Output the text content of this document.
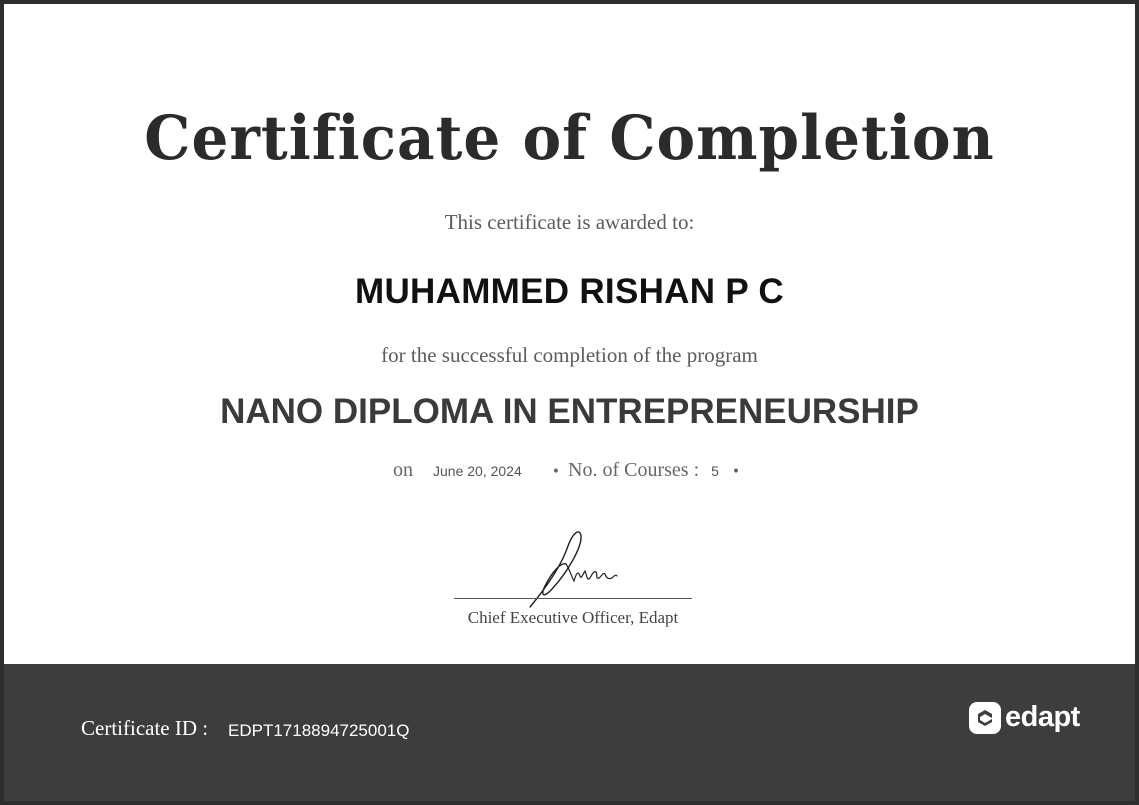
Certificate of Completion
This certificate is awarded to:
MUHAMMED RISHAN P C
for the successful completion of the program
NANO DIPLOMA IN ENTREPRENEURSHIP
on June 20, 2024 • No. of Courses : 5 •
Chief Executive Officer, Edapt
Certificate ID : EDPT1718894725001Q	edapt
